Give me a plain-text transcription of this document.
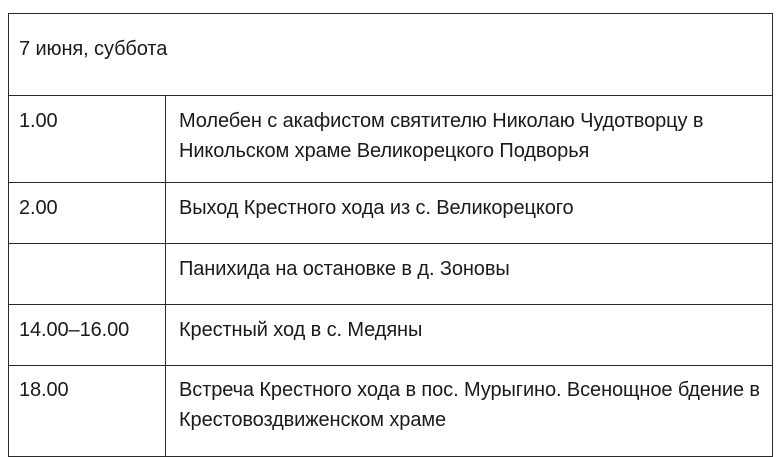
7 июня, суббота	
1.00	Молебен с акафистом святителю Николаю Чудотворцу в
Никольском храме Великорецкого Подворья

2.00	Выход Крестного хода из с. Великорецкого

	Панихида на остановке в д. Зоновы

14.00–16.00	Крестный ход в с. Медяны

18.00	Встреча Крестного хода в пос. Мурыгино. Всенощное бдение в
Крестовоздвиженском храме
